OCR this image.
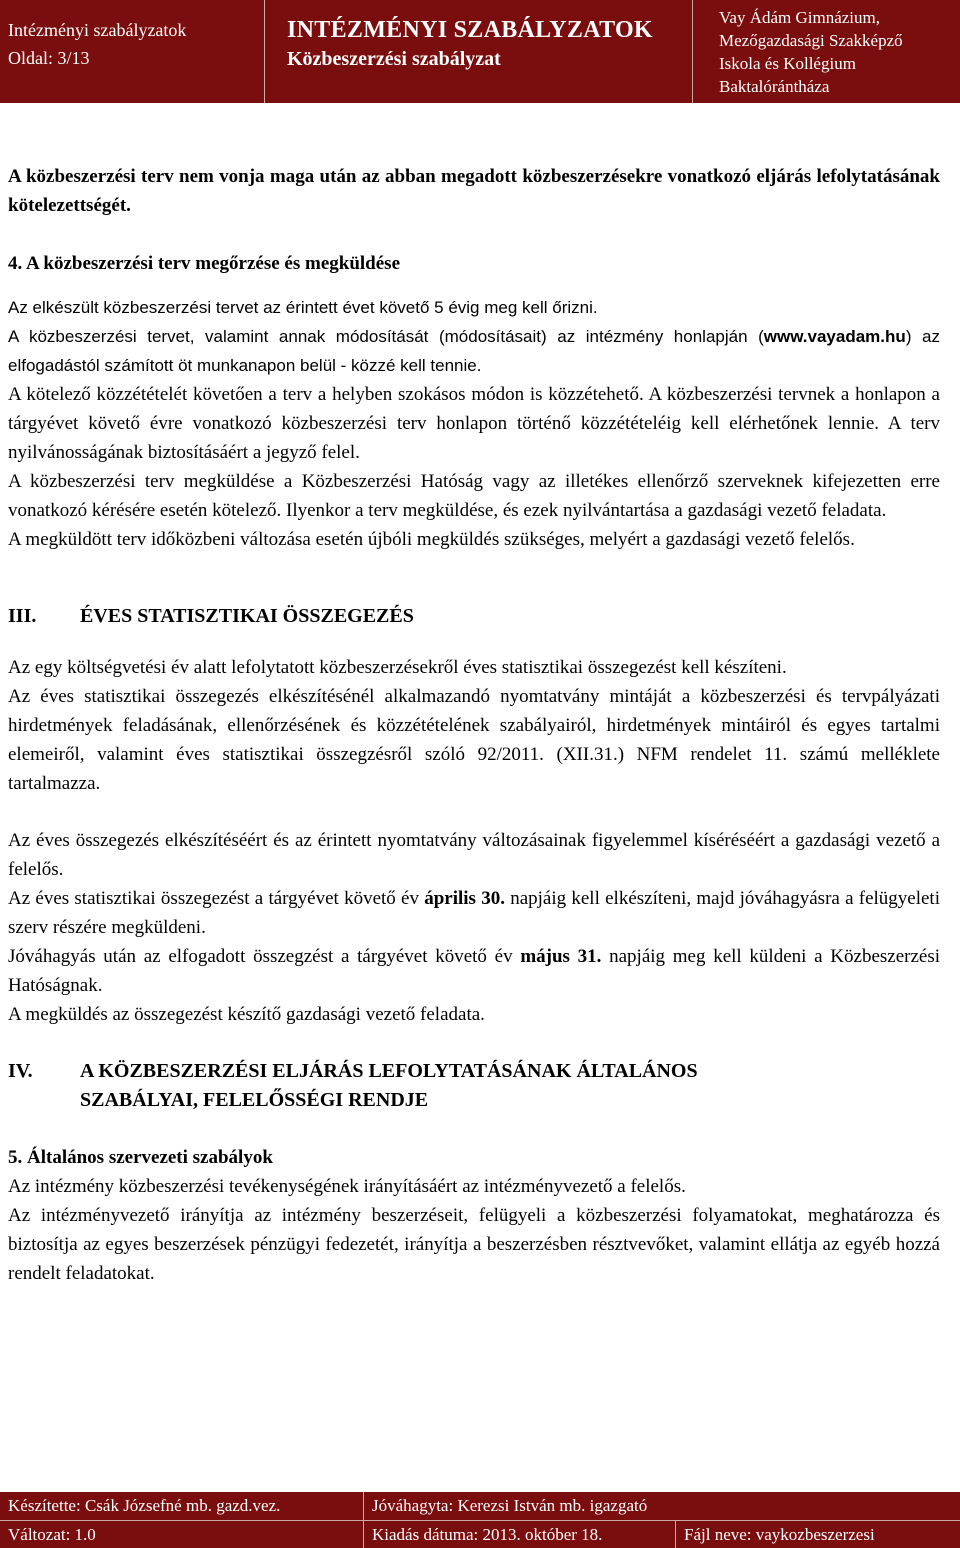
Intézményi szabályzatok
Oldal: 3/13
INTÉZMÉNYI SZABÁLYZATOK
Közbeszerzési szabályzat
Vay Ádám Gimnázium,
Mezőgazdasági Szakképző
Iskola és Kollégium
Baktalórántháza

A közbeszerzési terv nem vonja maga után az abban megadott közbeszerzésekre vonatkozó eljárás lefolytatásának kötelezettségét.

4. A közbeszerzési terv megőrzése és megküldése

Az elkészült közbeszerzési tervet az érintett évet követő 5 évig meg kell őrizni.

A közbeszerzési tervet, valamint annak módosítását (módosításait) az intézmény honlapján (www.vayadam.hu) az elfogadástól számított öt munkanapon belül - közzé kell tennie.

A kötelező közzétételét követően a terv a helyben szokásos módon is közzétehető. A közbeszerzési tervnek a honlapon a tárgyévet követő évre vonatkozó közbeszerzési terv honlapon történő közzétételéig kell elérhetőnek lennie. A terv nyilvánosságának biztosításáért a jegyző felel.

A közbeszerzési terv megküldése a Közbeszerzési Hatóság vagy az illetékes ellenőrző szerveknek kifejezetten erre vonatkozó kérésére esetén kötelező. Ilyenkor a terv megküldése, és ezek nyilvántartása a gazdasági vezető feladata.

A megküldött terv időközbeni változása esetén újbóli megküldés szükséges, melyért a gazdasági vezető felelős.

III.	ÉVES STATISZTIKAI ÖSSZEGEZÉS

Az egy költségvetési év alatt lefolytatott közbeszerzésekről éves statisztikai összegezést kell készíteni.

Az éves statisztikai összegezés elkészítésénél alkalmazandó nyomtatvány mintáját a közbeszerzési és tervpályázati hirdetmények feladásának, ellenőrzésének és közzétételének szabályairól, hirdetmények mintáiról és egyes tartalmi elemeiről, valamint éves statisztikai összegzésről szóló 92/2011. (XII.31.) NFM rendelet 11. számú melléklete tartalmazza.

Az éves összegezés elkészítéséért és az érintett nyomtatvány változásainak figyelemmel kíséréséért a gazdasági vezető a felelős.

Az éves statisztikai összegezést a tárgyévet követő év április 30. napjáig kell elkészíteni, majd jóváhagyásra a felügyeleti szerv részére megküldeni.

Jóváhagyás után az elfogadott összegzést a tárgyévet követő év május 31. napjáig meg kell küldeni a Közbeszerzési Hatóságnak.

A megküldés az összegezést készítő gazdasági vezető feladata.

IV.	A KÖZBESZERZÉSI ELJÁRÁS LEFOLYTATÁSÁNAK ÁLTALÁNOS
SZABÁLYAI, FELELŐSSÉGI RENDJE

5. Általános szervezeti szabályok

Az intézmény közbeszerzési tevékenységének irányításáért az intézményvezető a felelős.

Az intézményvezető irányítja az intézmény beszerzéseit, felügyeli a közbeszerzési folyamatokat, meghatározza és biztosítja az egyes beszerzések pénzügyi fedezetét, irányítja a beszerzésben résztvevőket, valamint ellátja az egyéb hozzá rendelt feladatokat.

Készítette: Csák Józsefné mb. gazd.vez.	Jóváhagyta: Kerezsi István mb. igazgató
Változat: 1.0	Kiadás dátuma: 2013. október 18.	Fájl neve: vaykozbeszerzesi
